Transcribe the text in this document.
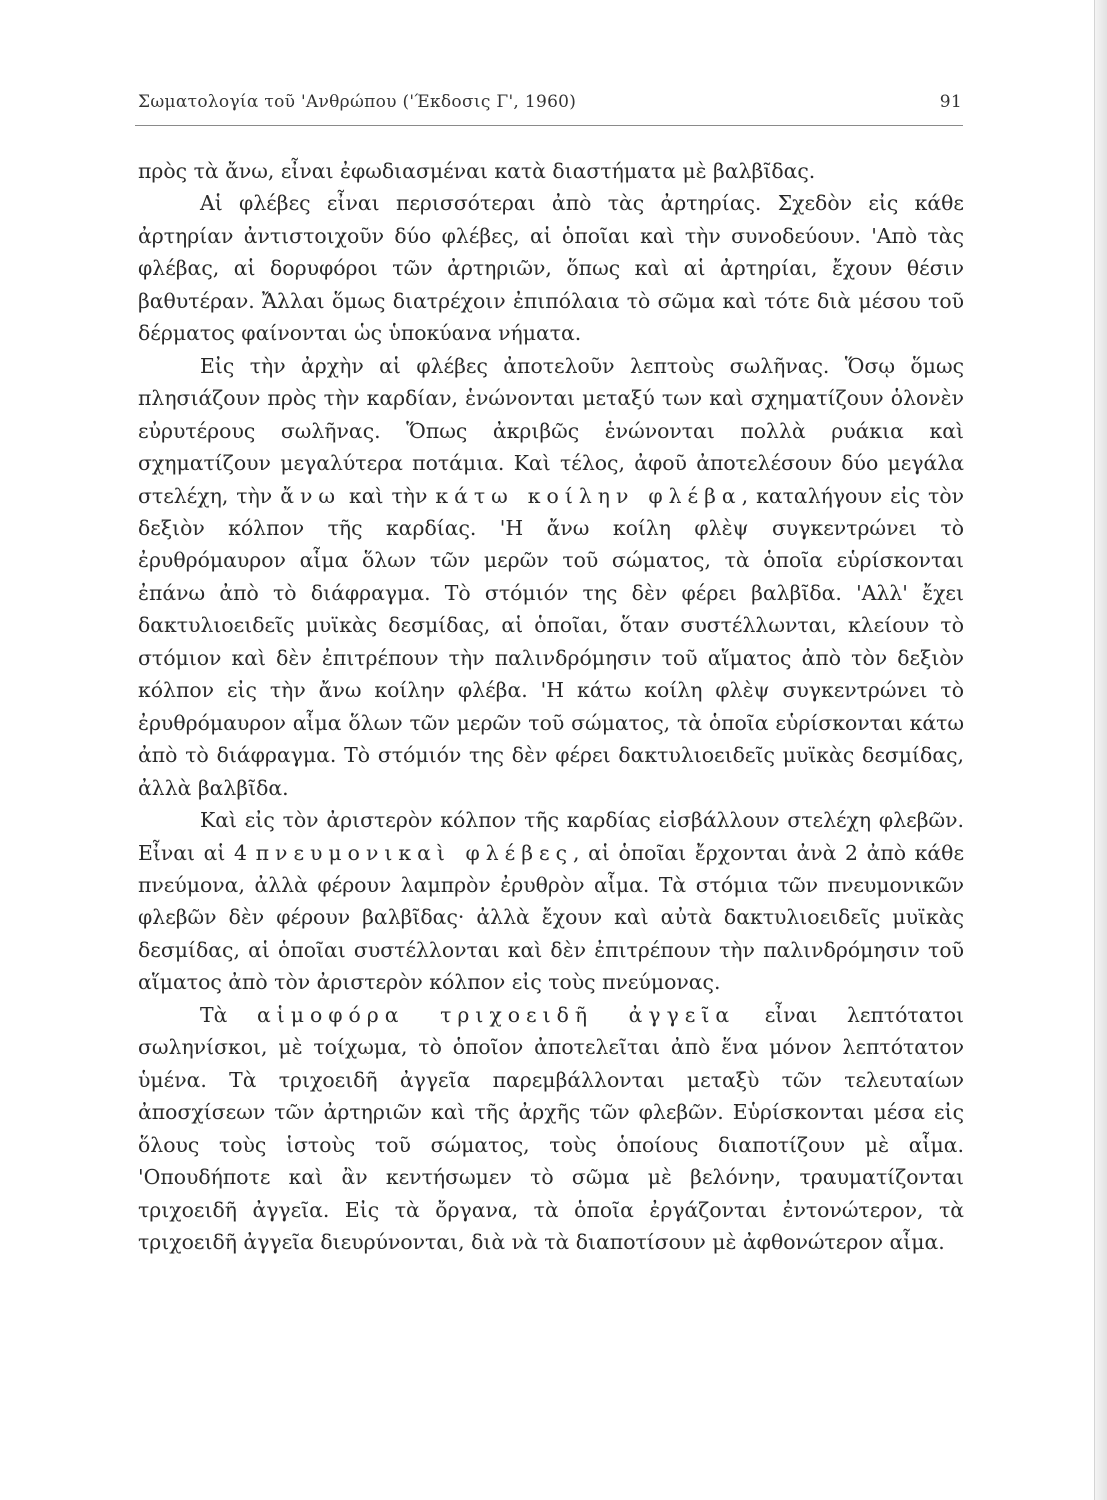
Σωματολογία τοῦ 'Ανθρώπου ('Έκδοσις Γ', 1960)	91

πρὸς τὰ ἄνω, εἶναι ἐφωδιασμέναι κατὰ διαστήματα μὲ βαλβῖδας.

Αἱ φλέβες εἶναι περισσότεραι ἀπὸ τὰς ἀρτηρίας. Σχεδὸν εἰς κάθε ἀρτηρίαν ἀντιστοιχοῦν δύο φλέβες, αἱ ὁποῖαι καὶ τὴν συνοδεύουν. 'Απὸ τὰς φλέβας, αἱ δορυφόροι τῶν ἀρτηριῶν, ὅπως καὶ αἱ ἀρτηρίαι, ἔχουν θέσιν βαθυτέραν. Ἄλλαι ὅμως διατρέχοιν ἐπιπόλαια τὸ σῶμα καὶ τότε διὰ μέσου τοῦ δέρματος φαίνονται ὡς ὑποκύανα νήματα.

Εἰς τὴν ἀρχὴν αἱ φλέβες ἀποτελοῦν λεπτοὺς σωλῆνας. Ὅσῳ ὅμως πλησιάζουν πρὸς τὴν καρδίαν, ἑνώνονται μεταξύ των καὶ σχηματίζουν ὁλονὲν εὐρυτέρους σωλῆνας. Ὅπως ἀκριβῶς ἑνώνονται πολλὰ ρυάκια καὶ σχηματίζουν μεγαλύτερα ποτάμια. Καὶ τέλος, ἀφοῦ ἀποτελέσουν δύο μεγάλα στελέχη, τὴν ἄνω καὶ τὴν κάτω κοίλην φλέβα, καταλήγουν εἰς τὸν δεξιὸν κόλπον τῆς καρδίας. 'Η ἄνω κοίλη φλὲψ συγκεντρώνει τὸ ἐρυθρόμαυρον αἷμα ὅλων τῶν μερῶν τοῦ σώματος, τὰ ὁποῖα εὑρίσκονται ἐπάνω ἀπὸ τὸ διάφραγμα. Τὸ στόμιόν της δὲν φέρει βαλβῖδα. 'Αλλ' ἔχει δακτυλιοειδεῖς μυϊκὰς δεσμίδας, αἱ ὁποῖαι, ὅταν συστέλλωνται, κλείουν τὸ στόμιον καὶ δὲν ἐπιτρέπουν τὴν παλινδρόμησιν τοῦ αἵματος ἀπὸ τὸν δεξιὸν κόλπον εἰς τὴν ἄνω κοίλην φλέβα. 'Η κάτω κοίλη φλὲψ συγκεντρώνει τὸ ἐρυθρόμαυρον αἷμα ὅλων τῶν μερῶν τοῦ σώματος, τὰ ὁποῖα εὑρίσκονται κάτω ἀπὸ τὸ διάφραγμα. Τὸ στόμιόν της δὲν φέρει δακτυλιοειδεῖς μυϊκὰς δεσμίδας, ἀλλὰ βαλβῖδα.

Καὶ εἰς τὸν ἀριστερὸν κόλπον τῆς καρδίας εἰσβάλλουν στελέχη φλεβῶν. Εἶναι αἱ 4 πνευμονικαὶ φλέβες, αἱ ὁποῖαι ἔρχονται ἀνὰ 2 ἀπὸ κάθε πνεύμονα, ἀλλὰ φέρουν λαμπρὸν ἐρυθρὸν αἷμα. Τὰ στόμια τῶν πνευμονικῶν φλεβῶν δὲν φέρουν βαλβῖδας· ἀλλὰ ἔχουν καὶ αὐτὰ δακτυλιοειδεῖς μυϊκὰς δεσμίδας, αἱ ὁποῖαι συστέλλονται καὶ δὲν ἐπιτρέπουν τὴν παλινδρόμησιν τοῦ αἵματος ἀπὸ τὸν ἀριστερὸν κόλπον εἰς τοὺς πνεύμονας.

Τὰ αἱμοφόρα τριχοειδῆ ἀγγεῖα εἶναι λεπτότατοι σωληνίσκοι, μὲ τοίχωμα, τὸ ὁποῖον ἀποτελεῖται ἀπὸ ἕνα μόνον λεπτότατον ὑμένα. Τὰ τριχοειδῆ ἀγγεῖα παρεμβάλλονται μεταξὺ τῶν τελευταίων ἀποσχίσεων τῶν ἀρτηριῶν καὶ τῆς ἀρχῆς τῶν φλεβῶν. Εὑρίσκονται μέσα εἰς ὅλους τοὺς ἱστοὺς τοῦ σώματος, τοὺς ὁποίους διαποτίζουν μὲ αἷμα. 'Οπουδήποτε καὶ ἂν κεντήσωμεν τὸ σῶμα μὲ βελόνην, τραυματίζονται τριχοειδῆ ἀγγεῖα. Εἰς τὰ ὄργανα, τὰ ὁποῖα ἐργάζονται ἐντονώτερον, τὰ τριχοειδῆ ἀγγεῖα διευρύνονται, διὰ νὰ τὰ διαποτίσουν μὲ ἀφθονώτερον αἷμα.
